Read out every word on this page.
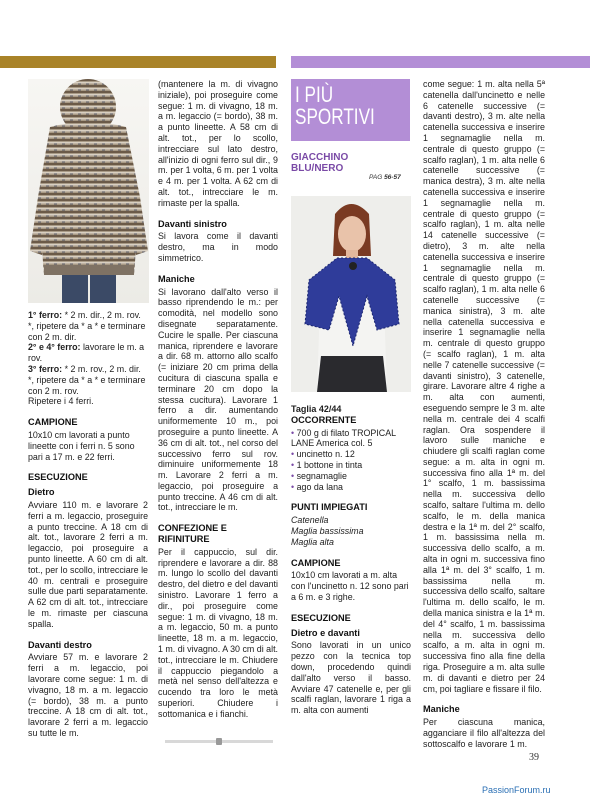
1° ferro: * 2 m. dir., 2 m. rov. *, ripetere da * a * e terminare con 2 m. dir.

2° e 4° ferro: lavorare le m. a rov.

3° ferro: * 2 m. rov., 2 m. dir. *, ripetere da * a * e terminare con 2 m. rov.

Ripetere i 4 ferri.

CAMPIONE

10x10 cm lavorati a punto lineette con i ferri n. 5 sono pari a 17 m. e 22 ferri.

ESECUZIONE
Dietro

Avviare 110 m. e lavorare 2 ferri a m. legaccio, proseguire a punto treccine. A 18 cm di alt. tot., lavorare 2 ferri a m. legaccio, poi proseguire a punto lineette. A 60 cm di alt. tot., per lo scollo, intrecciare le 40 m. centrali e proseguire sulle due parti separatamente. A 62 cm di alt. tot., intrecciare le m. rimaste per ciascuna spalla.

Davanti destro

Avviare 57 m. e lavorare 2 ferri a m. legaccio, poi lavorare come segue: 1 m. di vivagno, 18 m. a m. legaccio (= bordo), 38 m. a punto treccine. A 18 cm di alt. tot., lavorare 2 ferri a m. legaccio su tutte le m.

(mantenere la m. di vivagno iniziale), poi proseguire come segue: 1 m. di vivagno, 18 m. a m. legaccio (= bordo), 38 m. a punto lineette. A 58 cm di alt. tot., per lo scollo, intrecciare sul lato destro, all'inizio di ogni ferro sul dir., 9 m. per 1 volta, 6 m. per 1 volta e 4 m. per 1 volta. A 62 cm di alt. tot., intrecciare le m. rimaste per la spalla.

Davanti sinistro

Si lavora come il davanti destro, ma in modo simmetrico.

Maniche

Si lavorano dall'alto verso il basso riprendendo le m.: per comodità, nel modello sono disegnate separatamente. Cucire le spalle. Per ciascuna manica, riprendere e lavorare a dir. 68 m. attorno allo scalfo (= iniziare 20 cm prima della cucitura di ciascuna spalla e terminare 20 cm dopo la stessa cucitura). Lavorare 1 ferro a dir. aumentando uniformemente 10 m., poi proseguire a punto lineette. A 36 cm di alt. tot., nel corso del successivo ferro sul rov. diminuire uniformemente 18 m. Lavorare 2 ferri a m. legaccio, poi proseguire a punto treccine. A 46 cm di alt. tot., intrecciare le m.

CONFEZIONE E RIFINITURE

Per il cappuccio, sul dir. riprendere e lavorare a dir. 88 m. lungo lo scollo del davanti destro, del dietro e del davanti sinistro. Lavorare 1 ferro a dir., poi proseguire come segue: 1 m. di vivagno, 18 m. a m. legaccio, 50 m. a punto lineette, 18 m. a m. legaccio, 1 m. di vivagno. A 30 cm di alt. tot., intrecciare le m. Chiudere il cappuccio piegandolo a metà nel senso dell'altezza e cucendo tra loro le metà superiori. Chiudere i sottomanica e i fianchi.

I PIÙ SPORTIVI
GIACCHINO
BLU/NERO
PAG 56-57

Taglia 42/44

OCCORRENTE

• 700 g di filato TROPICAL LANE America col. 5

• uncinetto n. 12

• 1 bottone in tinta

• segnamaglie

• ago da lana

PUNTI IMPIEGATI

Catenella

Maglia bassissima

Maglia alta

CAMPIONE

10x10 cm lavorati a m. alta con l'uncinetto n. 12 sono pari a 6 m. e 3 righe.

ESECUZIONE
Dietro e davanti

Sono lavorati in un unico pezzo con la tecnica top down, procedendo quindi dall'alto verso il basso. Avviare 47 catenelle e, per gli scalfi raglan, lavorare 1 riga a m. alta con aumenti

come segue: 1 m. alta nella 5ª catenella dall'uncinetto e nelle 6 catenelle successive (= davanti destro), 3 m. alte nella catenella successiva e inserire 1 segnamaglie nella m. centrale di questo gruppo (= scalfo raglan), 1 m. alta nelle 6 catenelle successive (= manica destra), 3 m. alte nella catenella successiva e inserire 1 segnamaglie nella m. centrale di questo gruppo (= scalfo raglan), 1 m. alta nelle 14 catenelle successive (= dietro), 3 m. alte nella catenella successiva e inserire 1 segnamaglie nella m. centrale di questo gruppo (= scalfo raglan), 1 m. alta nelle 6 catenelle successive (= manica sinistra), 3 m. alte nella catenella successiva e inserire 1 segnamaglie nella m. centrale di questo gruppo (= scalfo raglan), 1 m. alta nelle 7 catenelle successive (= davanti sinistro), 3 catenelle, girare. Lavorare altre 4 righe a m. alta con aumenti, eseguendo sempre le 3 m. alte nella m. centrale dei 4 scalfi raglan. Ora sospendere il lavoro sulle maniche e chiudere gli scalfi raglan come segue: a m. alta in ogni m. successiva fino alla 1ª m. del 1° scalfo, 1 m. bassissima nella m. successiva dello scalfo, saltare l'ultima m. dello scalfo, le m. della manica destra e la 1ª m. del 2° scalfo, 1 m. bassissima nella m. successiva dello scalfo, a m. alta in ogni m. successiva fino alla 1ª m. del 3° scalfo, 1 m. bassissima nella m. successiva dello scalfo, saltare l'ultima m. dello scalfo, le m. della manica sinistra e la 1ª m. del 4° scalfo, 1 m. bassissima nella m. successiva dello scalfo, a m. alta in ogni m. successiva fino alla fine della riga. Proseguire a m. alta sulle m. di davanti e dietro per 24 cm, poi tagliare e fissare il filo.

Maniche

Per ciascuna manica, agganciare il filo all'altezza del sottoscalfo e lavorare 1 m.

39
PassionForum.ru
